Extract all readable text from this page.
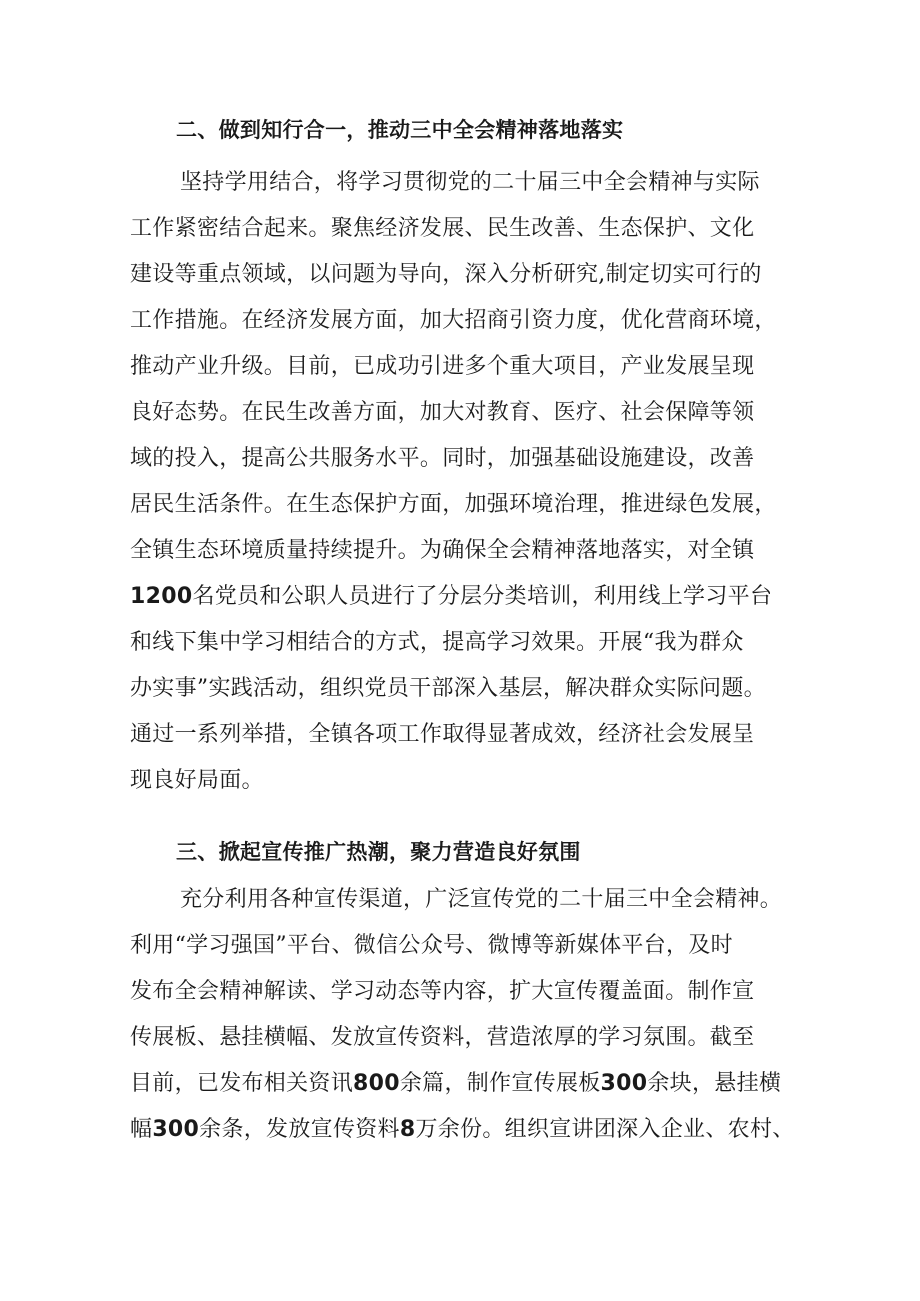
二、做到知行合一，推动三中全会精神落地落实
坚持学用结合，将学习贯彻党的二十届三中全会精神与实际
工作紧密结合起来。聚焦经济发展、民生改善、生态保护、文化
建设等重点领域，以问题为导向，深入分析研究,制定切实可行的
工作措施。在经济发展方面，加大招商引资力度，优化营商环境，
推动产业升级。目前，已成功引进多个重大项目，产业发展呈现
良好态势。在民生改善方面，加大对教育、医疗、社会保障等领
域的投入，提高公共服务水平。同时，加强基础设施建设，改善
居民生活条件。在生态保护方面，加强环境治理，推进绿色发展，
全镇生态环境质量持续提升。为确保全会精神落地落实，对全镇
1200名党员和公职人员进行了分层分类培训，利用线上学习平台
和线下集中学习相结合的方式，提高学习效果。开展“我为群众
办实事”实践活动，组织党员干部深入基层，解决群众实际问题。
通过一系列举措，全镇各项工作取得显著成效，经济社会发展呈
现良好局面。
三、掀起宣传推广热潮，聚力营造良好氛围
充分利用各种宣传渠道，广泛宣传党的二十届三中全会精神。
利用“学习强国”平台、微信公众号、微博等新媒体平台，及时
发布全会精神解读、学习动态等内容，扩大宣传覆盖面。制作宣
传展板、悬挂横幅、发放宣传资料，营造浓厚的学习氛围。截至
目前，已发布相关资讯800余篇，制作宣传展板300余块，悬挂横
幅300余条，发放宣传资料8万余份。组织宣讲团深入企业、农村、
